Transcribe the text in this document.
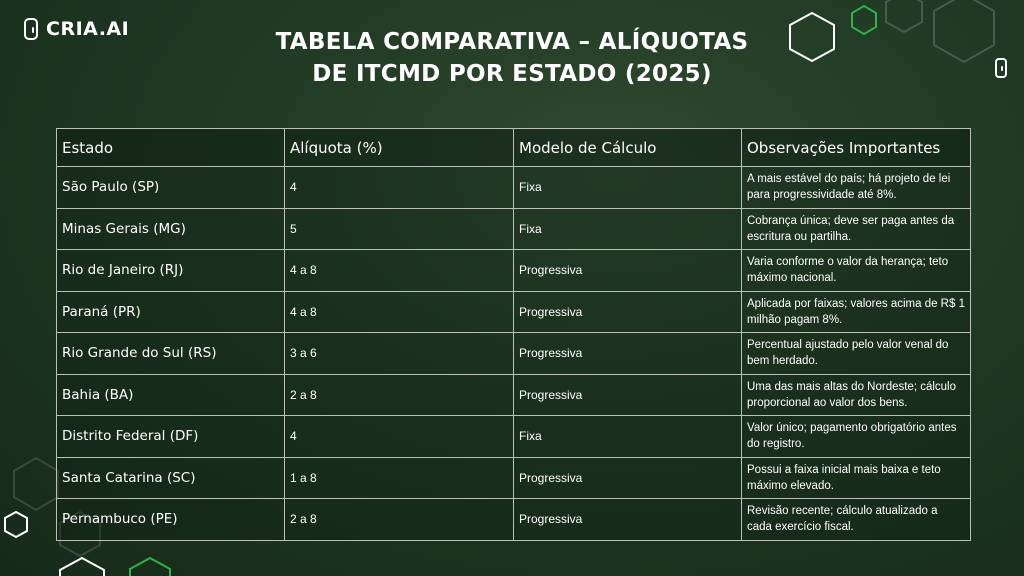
CRIA.AI	TABELA COMPARATIVA – ALÍQUOTAS
DE ITCMD POR ESTADO (2025)
Estado	Alíquota (%)	Modelo de Cálculo	Observações Importantes
São Paulo (SP)	4	Fixa	A mais estável do país; há projeto de lei para progressividade até 8%.
Minas Gerais (MG)	5	Fixa	Cobrança única; deve ser paga antes da escritura ou partilha.
Rio de Janeiro (RJ)	4 a 8	Progressiva	Varia conforme o valor da herança; teto máximo nacional.
Paraná (PR)	4 a 8	Progressiva	Aplicada por faixas; valores acima de R$ 1 milhão pagam 8%.
Rio Grande do Sul (RS)	3 a 6	Progressiva	Percentual ajustado pelo valor venal do bem herdado.
Bahia (BA)	2 a 8	Progressiva	Uma das mais altas do Nordeste; cálculo proporcional ao valor dos bens.
Distrito Federal (DF)	4	Fixa	Valor único; pagamento obrigatório antes do registro.
Santa Catarina (SC)	1 a 8	Progressiva	Possui a faixa inicial mais baixa e teto máximo elevado.
Pernambuco (PE)	2 a 8	Progressiva	Revisão recente; cálculo atualizado a cada exercício fiscal.
